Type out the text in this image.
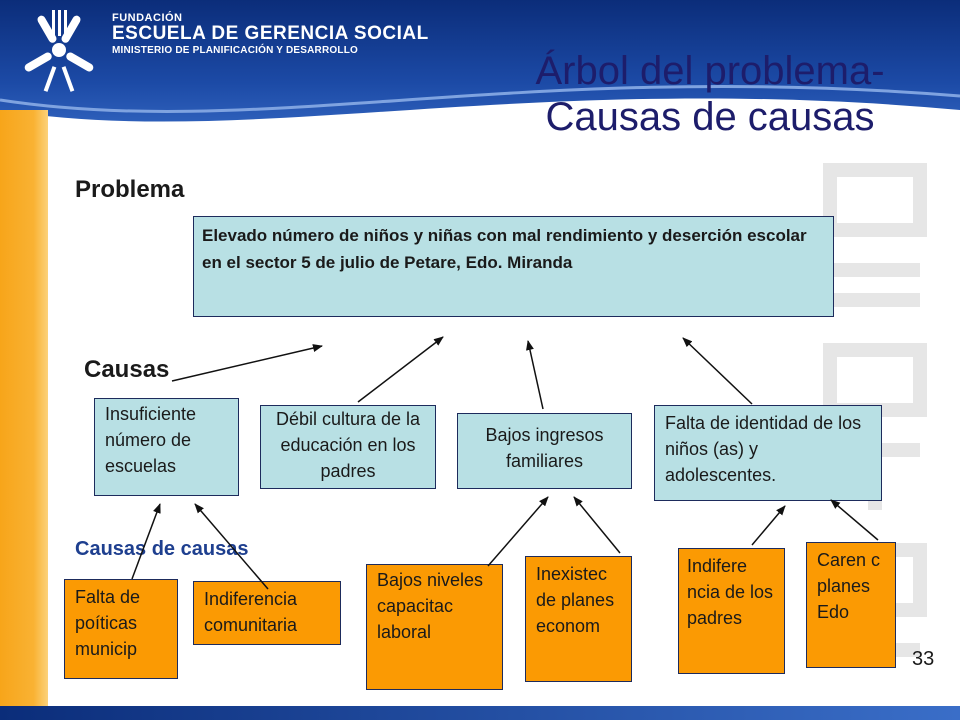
FUNDACIÓN
ESCUELA DE GERENCIA SOCIAL
MINISTERIO DE PLANIFICACIÓN Y DESARROLLO	Árbol del problema-
Causas de causas
Problema
Causas
Causas de causas
Elevado número de niños y niñas con mal rendimiento y deserción escolar en el sector 5 de julio de Petare, Edo. Miranda
Insuficiente número de escuelas
Débil cultura de la educación en los padres
Bajos ingresos familiares
Falta de identidad de los niños (as) y adolescentes.
Falta de poíticas municip
Indiferencia comunitaria
Bajos niveles capacitac laboral
Inexistec de planes econom
Indifere ncia de los padres
Caren c planes Edo
33
